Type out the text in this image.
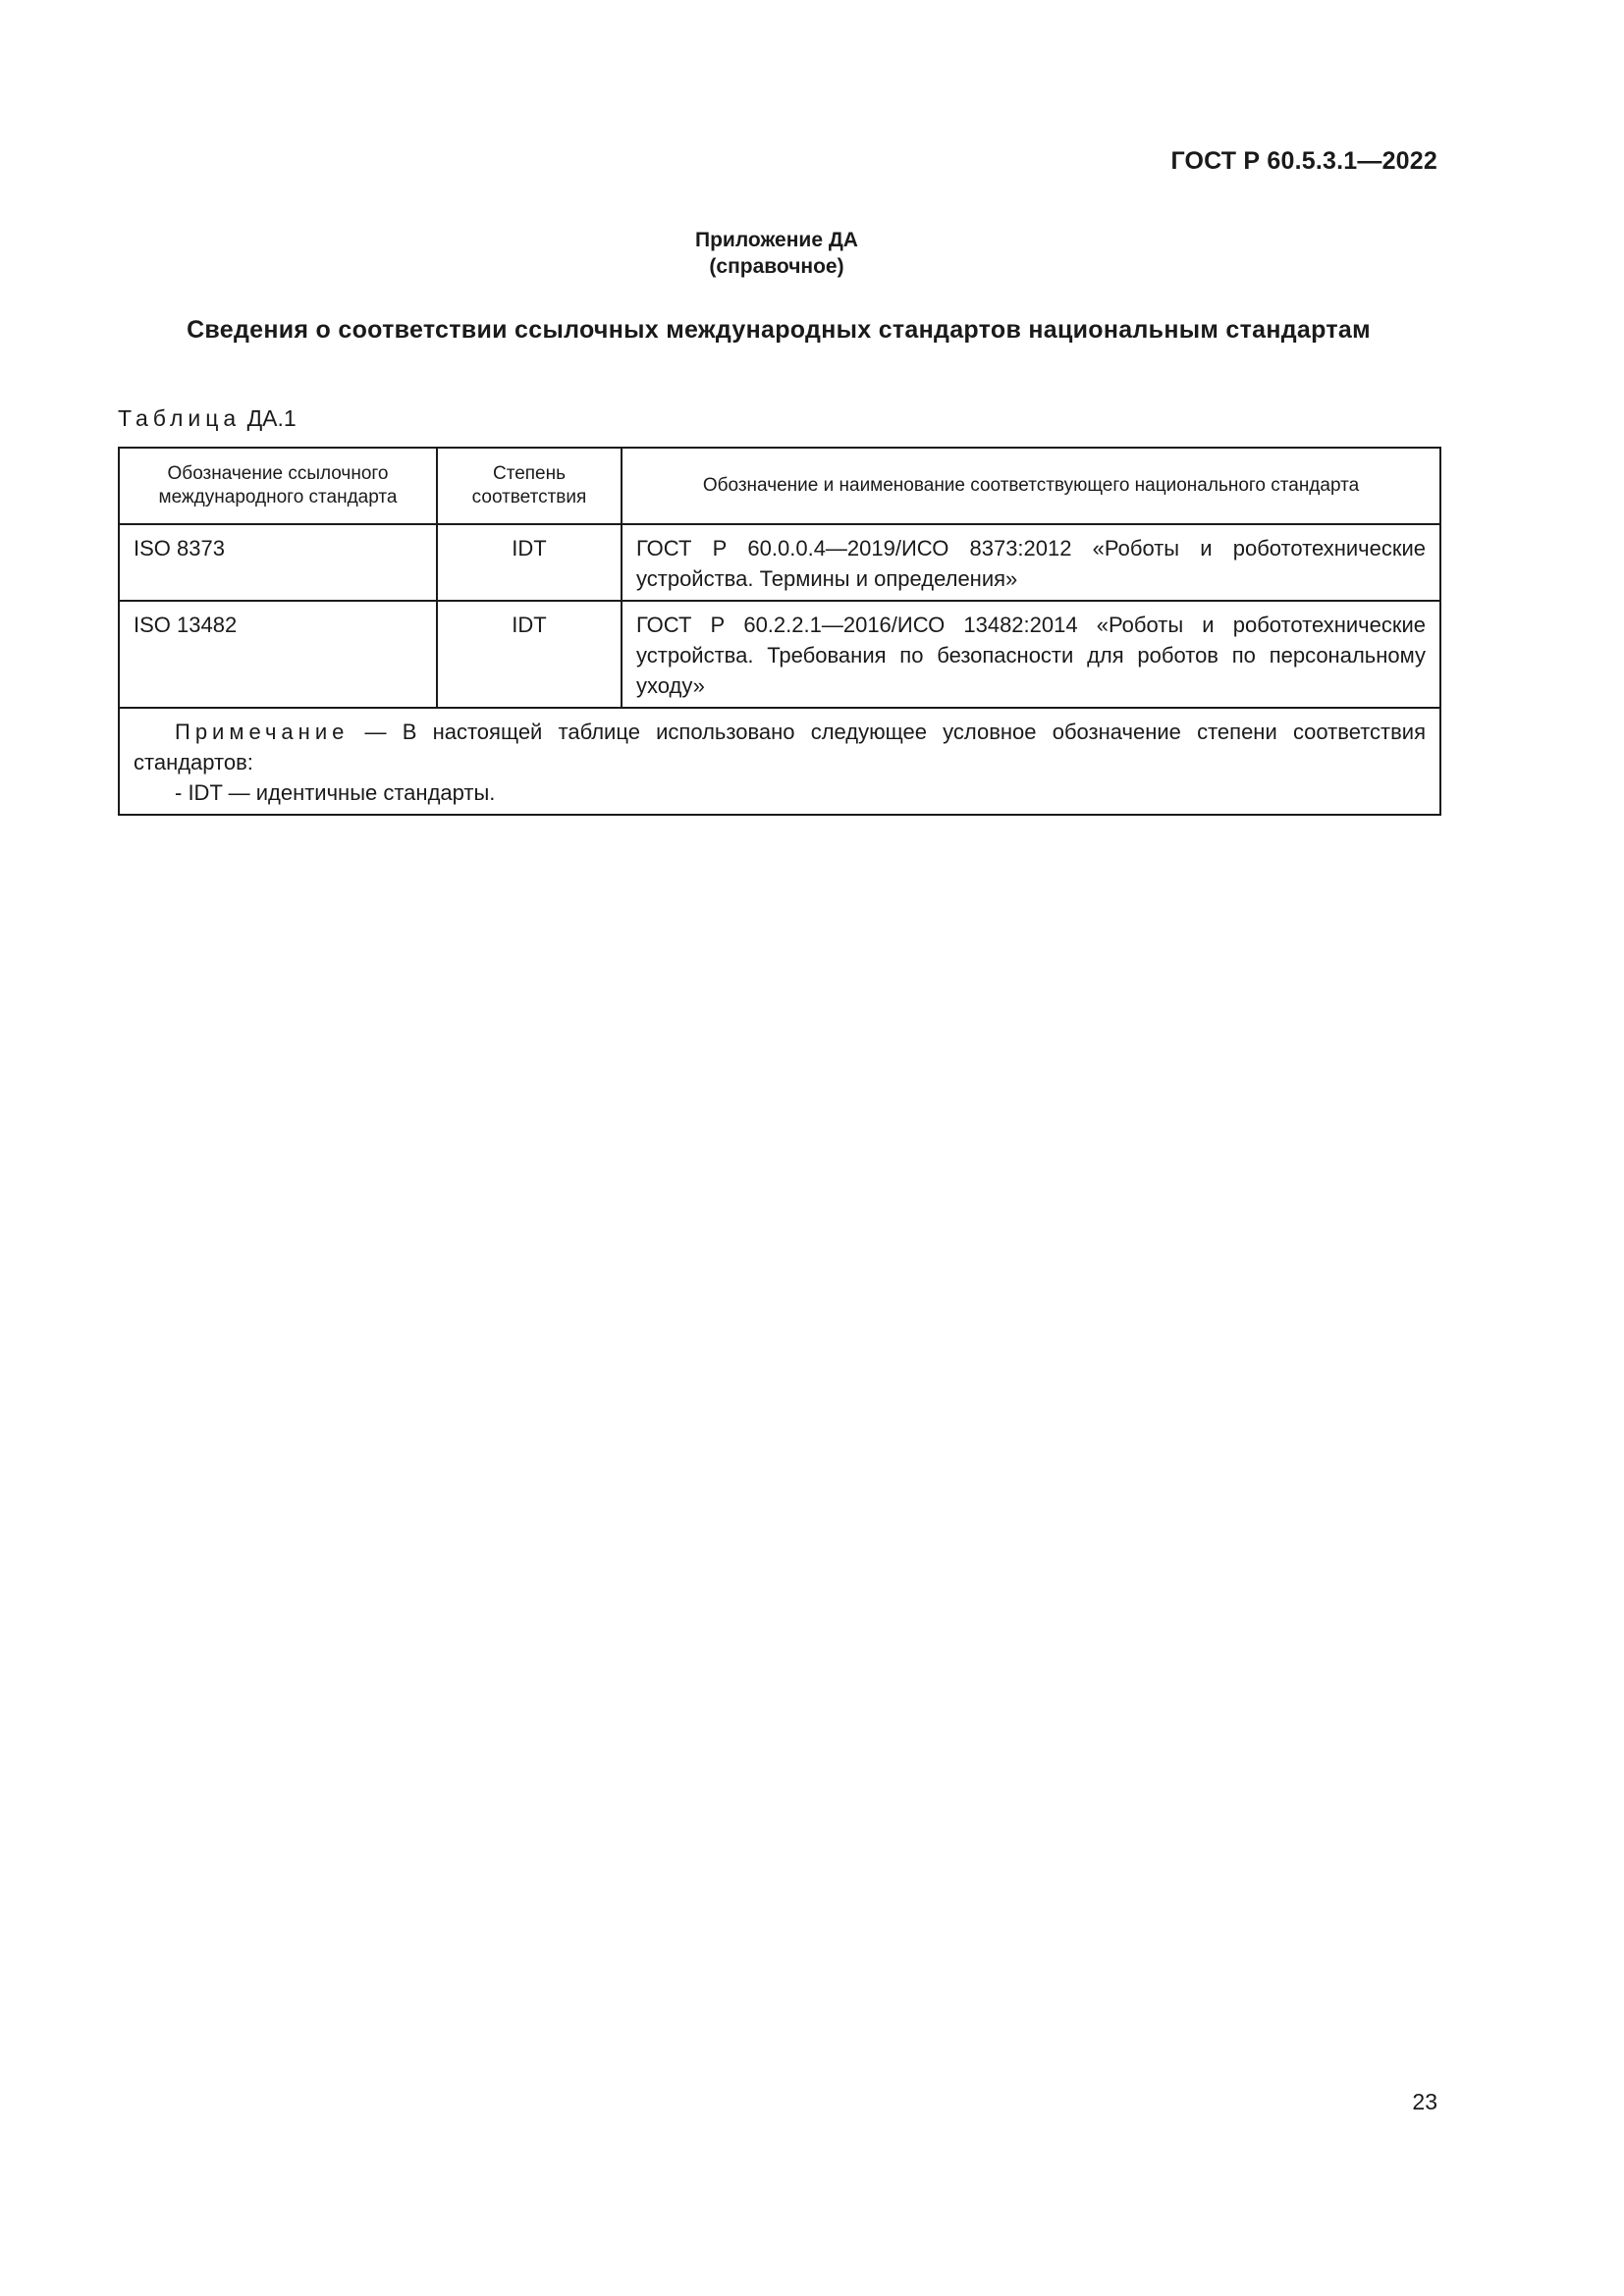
ГОСТ Р 60.5.3.1—2022
Приложение ДА
(справочное)
Сведения о соответствии ссылочных международных стандартов национальным стандартам
Таблица ДА.1
Обозначение ссылочного международного стандарта	Степень соответствия	Обозначение и наименование соответствующего национального стандарта
ISO 8373	IDT	ГОСТ Р 60.0.0.4—2019/ИСО 8373:2012 «Роботы и робототехнические устройства. Термины и определения»
ISO 13482	IDT	ГОСТ Р 60.2.2.1—2016/ИСО 13482:2014 «Роботы и робототехнические устройства. Требования по безопасности для роботов по персональному уходу»

Примечание — В настоящей таблице использовано следующее условное обозначение степени соответствия стандартов:
- IDT — идентичные стандарты.		
23
